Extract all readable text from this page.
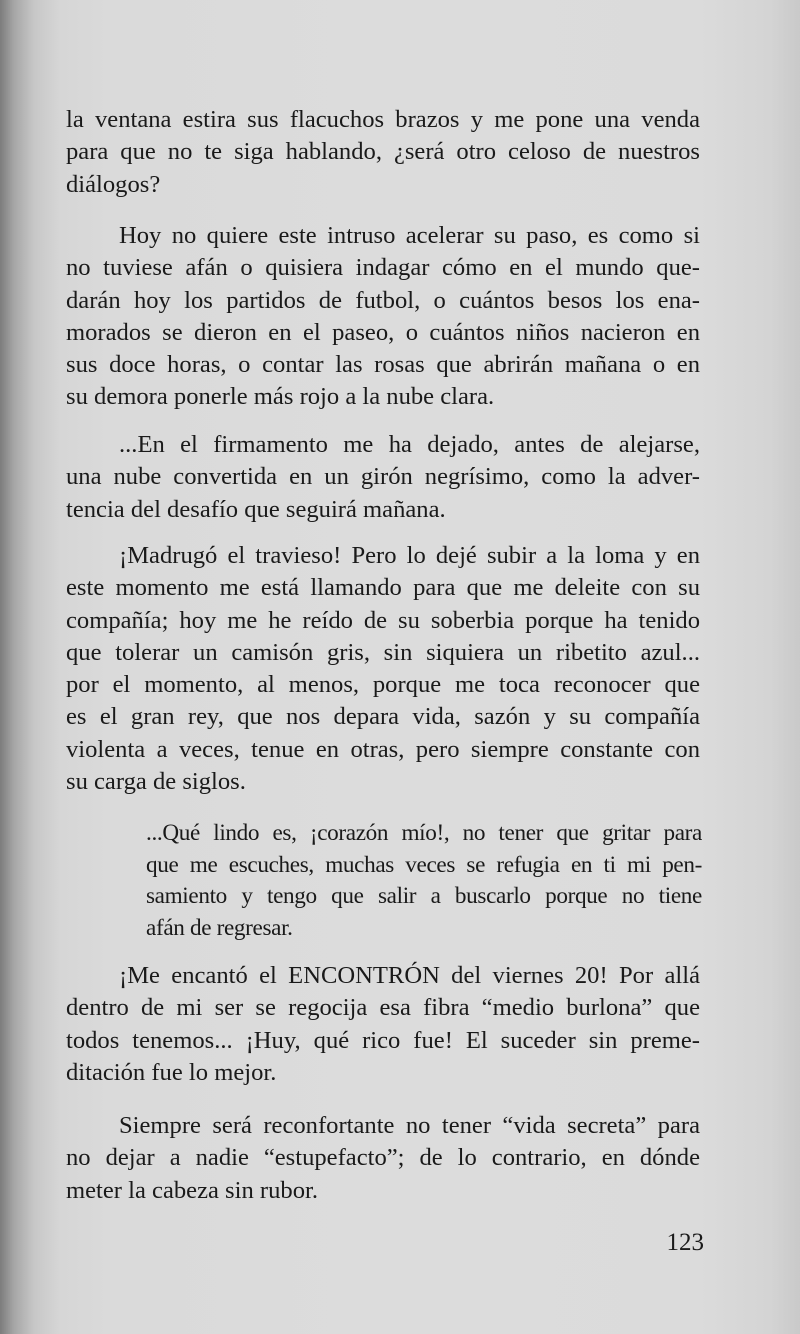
la ventana estira sus flacuchos brazos y me pone una venda
para que no te siga hablando, ¿será otro celoso de nuestros
diálogos?
Hoy no quiere este intruso acelerar su paso, es como si
no tuviese afán o quisiera indagar cómo en el mundo que-
darán hoy los partidos de futbol, o cuántos besos los ena-
morados se dieron en el paseo, o cuántos niños nacieron en
sus doce horas, o contar las rosas que abrirán mañana o en
su demora ponerle más rojo a la nube clara.
...En el firmamento me ha dejado, antes de alejarse,
una nube convertida en un girón negrísimo, como la adver-
tencia del desafío que seguirá mañana.
¡Madrugó el travieso! Pero lo dejé subir a la loma y en
este momento me está llamando para que me deleite con su
compañía; hoy me he reído de su soberbia porque ha tenido
que tolerar un camisón gris, sin siquiera un ribetito azul...
por el momento, al menos, porque me toca reconocer que
es el gran rey, que nos depara vida, sazón y su compañía
violenta a veces, tenue en otras, pero siempre constante con
su carga de siglos.
...Qué lindo es, ¡corazón mío!, no tener que gritar para
que me escuches, muchas veces se refugia en ti mi pen-
samiento y tengo que salir a buscarlo porque no tiene
afán de regresar.
¡Me encantó el ENCONTRÓN del viernes 20! Por allá
dentro de mi ser se regocija esa fibra “medio burlona” que
todos tenemos... ¡Huy, qué rico fue! El suceder sin preme-
ditación fue lo mejor.
Siempre será reconfortante no tener “vida secreta” para
no dejar a nadie “estupefacto”; de lo contrario, en dónde
meter la cabeza sin rubor.
123
